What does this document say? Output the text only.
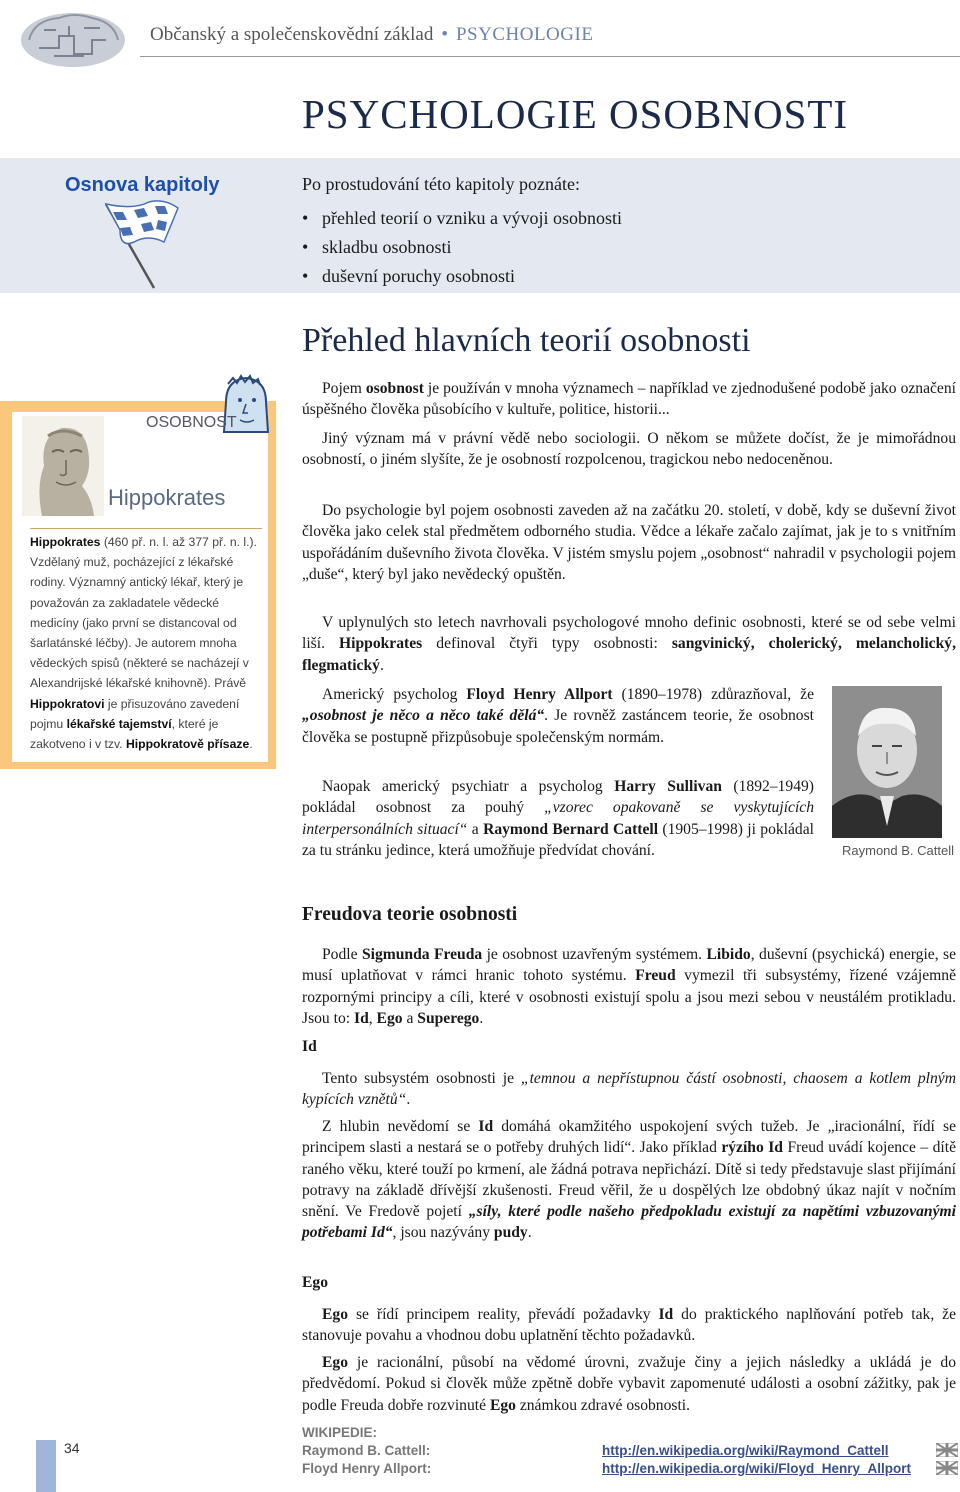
Občanský a společenskovědní základ • PSYCHOLOGIE
PSYCHOLOGIE OSOBNOSTI
Osnova kapitoly	Po prostudování této kapitoly poznáte:
• přehled teorií o vzniku a vývoji osobnosti
• skladbu osobnosti
• duševní poruchy osobnosti
Přehled hlavních teorií osobnosti
OSOBNOST
Hippokrates
Hippokrates (460 př. n. l. až 377 př. n. l.). Vzdělaný muž, pocházející z lékařské rodiny. Významný antický lékař, který je považován za zakladatele vědecké medicíny (jako první se distancoval od šarlatánské léčby). Je autorem mnoha vědeckých spisů (některé se nacházejí v Alexandrijské lékařské knihovně). Právě Hippokratovi je přisuzováno zavedení pojmu lékařské tajemství, které je zakotveno i v tzv. Hippokratově přísaze.

Pojem osobnost je používán v mnoha významech – například ve zjednodušené podobě jako označení úspěšného člověka působícího v kultuře, politice, historii...

Jiný význam má v právní vědě nebo sociologii. O někom se můžete dočíst, že je mimořádnou osobností, o jiném slyšíte, že je osobností rozpolcenou, tragickou nebo nedoceněnou.

Do psychologie byl pojem osobnosti zaveden až na začátku 20. století, v době, kdy se duševní život člověka jako celek stal předmětem odborného studia. Vědce a lékaře začalo zajímat, jak je to s vnitřním uspořádáním duševního života člověka. V jistém smyslu pojem „osobnost“ nahradil v psychologii pojem „duše“, který byl jako nevědecký opuštěn.

V uplynulých sto letech navrhovali psychologové mnoho definic osobnosti, které se od sebe velmi liší. Hippokrates definoval čtyři typy osobnosti: sangvinický, cholerický, melancholický, flegmatický.

Americký psycholog Floyd Henry Allport (1890–1978) zdůrazňoval, že „osobnost je něco a něco také dělá“. Je rovněž zastáncem teorie, že osobnost člověka se postupně přizpůsobuje společenským normám.

Naopak americký psychiatr a psycholog Harry Sullivan (1892–1949) pokládal osobnost za pouhý „vzorec opakovaně se vyskytujících interpersonálních situací“ a Raymond Bernard Cattell (1905–1998) ji pokládal za tu stránku jedince, která umožňuje předvídat chování.	Raymond B. Cattell
Freudova teorie osobnosti

Podle Sigmunda Freuda je osobnost uzavřeným systémem. Libido, duševní (psychická) energie, se musí uplatňovat v rámci hranic tohoto systému. Freud vymezil tři subsystémy, řízené vzájemně rozpornými principy a cíli, které v osobnosti existují spolu a jsou mezi sebou v neustálém protikladu. Jsou to: Id, Ego a Superego.

Id

Tento subsystém osobnosti je „temnou a nepřístupnou částí osobnosti, chaosem a kotlem plným kypících vznětů“.

Z hlubin nevědomí se Id domáhá okamžitého uspokojení svých tužeb. Je „iracionální, řídí se principem slasti a nestará se o potřeby druhých lidí“. Jako příklad rýzího Id Freud uvádí kojence – dítě raného věku, které touží po krmení, ale žádná potrava nepřichází. Dítě si tedy představuje slast přijímání potravy na základě dřívější zkušenosti. Freud věřil, že u dospělých lze obdobný úkaz najít v nočním snění. Ve Fredově pojetí „síly, které podle našeho předpokladu existují za napětími vzbuzovanými potřebami Id“, jsou nazývány pudy.

Ego

Ego se řídí principem reality, převádí požadavky Id do praktického naplňování potřeb tak, že stanovuje povahu a vhodnou dobu uplatnění těchto požadavků.

Ego je racionální, působí na vědomé úrovni, zvažuje činy a jejich následky a ukládá je do předvědomí. Pokud si člověk může zpětně dobře vybavit zapomenuté události a osobní zážitky, pak je podle Freuda dobře rozvinuté Ego známkou zdravé osobnosti.

34
WIKIPEDIE:
Raymond B. Cattell:	http://en.wikipedia.org/wiki/Raymond_Cattell
Floyd Henry Allport:	http://en.wikipedia.org/wiki/Floyd_Henry_Allport
